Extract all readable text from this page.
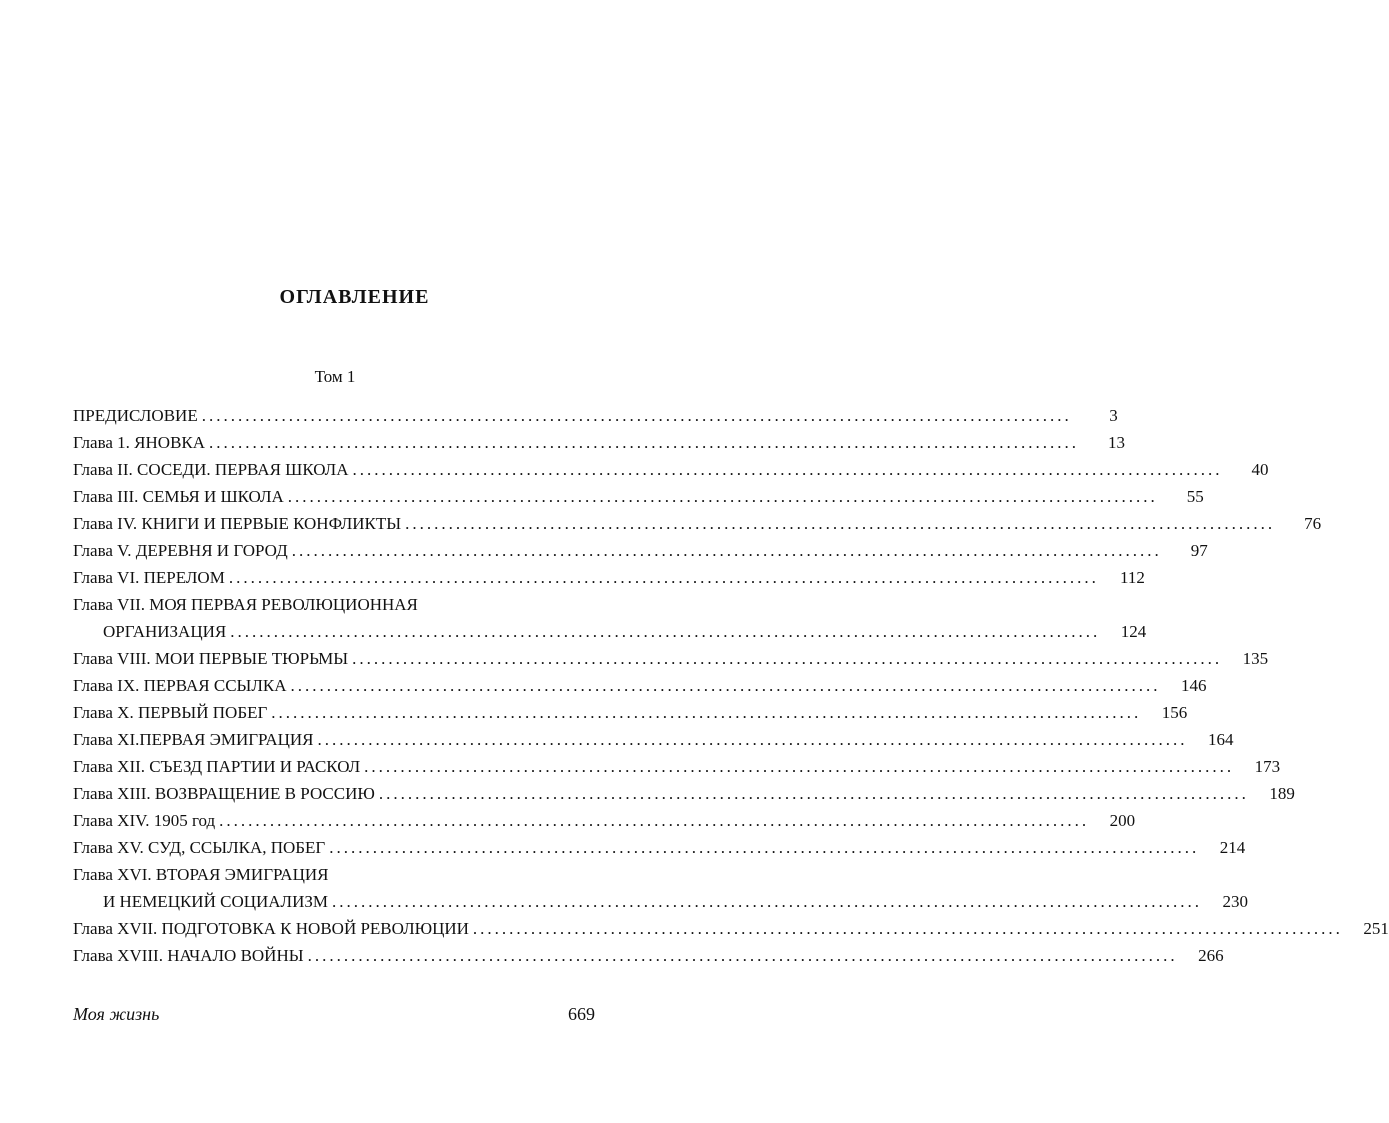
ОГЛАВЛЕНИЕ
Том 1
ПРЕДИСЛОВИЕ ........................................................................................................................	3
Глава 1. ЯНОВКА ........................................................................................................................	13
Глава II. СОСЕДИ. ПЕРВАЯ ШКОЛА ........................................................................................................................	40
Глава III. СЕМЬЯ И ШКОЛА ........................................................................................................................	55
Глава IV. КНИГИ И ПЕРВЫЕ КОНФЛИКТЫ ........................................................................................................................	76
Глава V. ДЕРЕВНЯ И ГОРОД ........................................................................................................................	97
Глава VI. ПЕРЕЛОМ ........................................................................................................................	112
Глава VII. МОЯ ПЕРВАЯ РЕВОЛЮЦИОННАЯ
ОРГАНИЗАЦИЯ ........................................................................................................................	124
Глава VIII. МОИ ПЕРВЫЕ ТЮРЬМЫ ........................................................................................................................	135
Глава IX. ПЕРВАЯ ССЫЛКА ........................................................................................................................	146
Глава X. ПЕРВЫЙ ПОБЕГ ........................................................................................................................	156
Глава XI.ПЕРВАЯ ЭМИГРАЦИЯ ........................................................................................................................	164
Глава XII. СЪЕЗД ПАРТИИ И РАСКОЛ ........................................................................................................................	173
Глава XIII. ВОЗВРАЩЕНИЕ В РОССИЮ ........................................................................................................................	189
Глава XIV. 1905 год ........................................................................................................................	200
Глава XV. СУД, ССЫЛКА, ПОБЕГ ........................................................................................................................	214
Глава XVI. ВТОРАЯ ЭМИГРАЦИЯ
И НЕМЕЦКИЙ СОЦИАЛИЗМ ........................................................................................................................	230
Глава XVII. ПОДГОТОВКА К НОВОЙ РЕВОЛЮЦИИ ........................................................................................................................	251
Глава XVIII. НАЧАЛО ВОЙНЫ ........................................................................................................................	266
Моя жизнь	669
